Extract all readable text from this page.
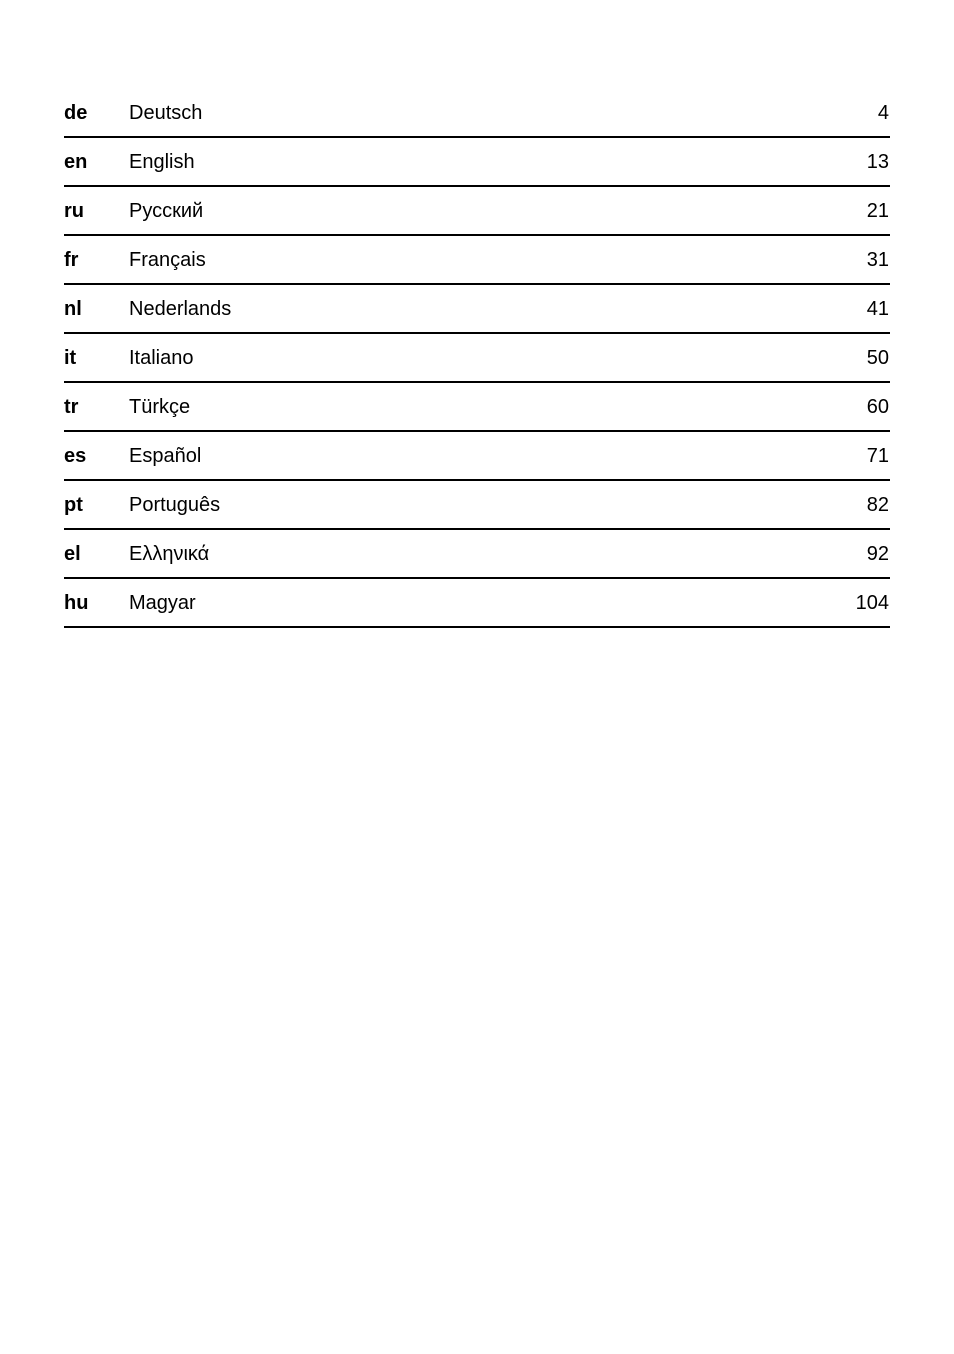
de	Deutsch	4
en	English	13
ru	Русский	21
fr	Français	31
nl	Nederlands	41
it	Italiano	50
tr	Türkçe	60
es	Español	71
pt	Português	82
el	Ελληνικά	92
hu	Magyar	104
